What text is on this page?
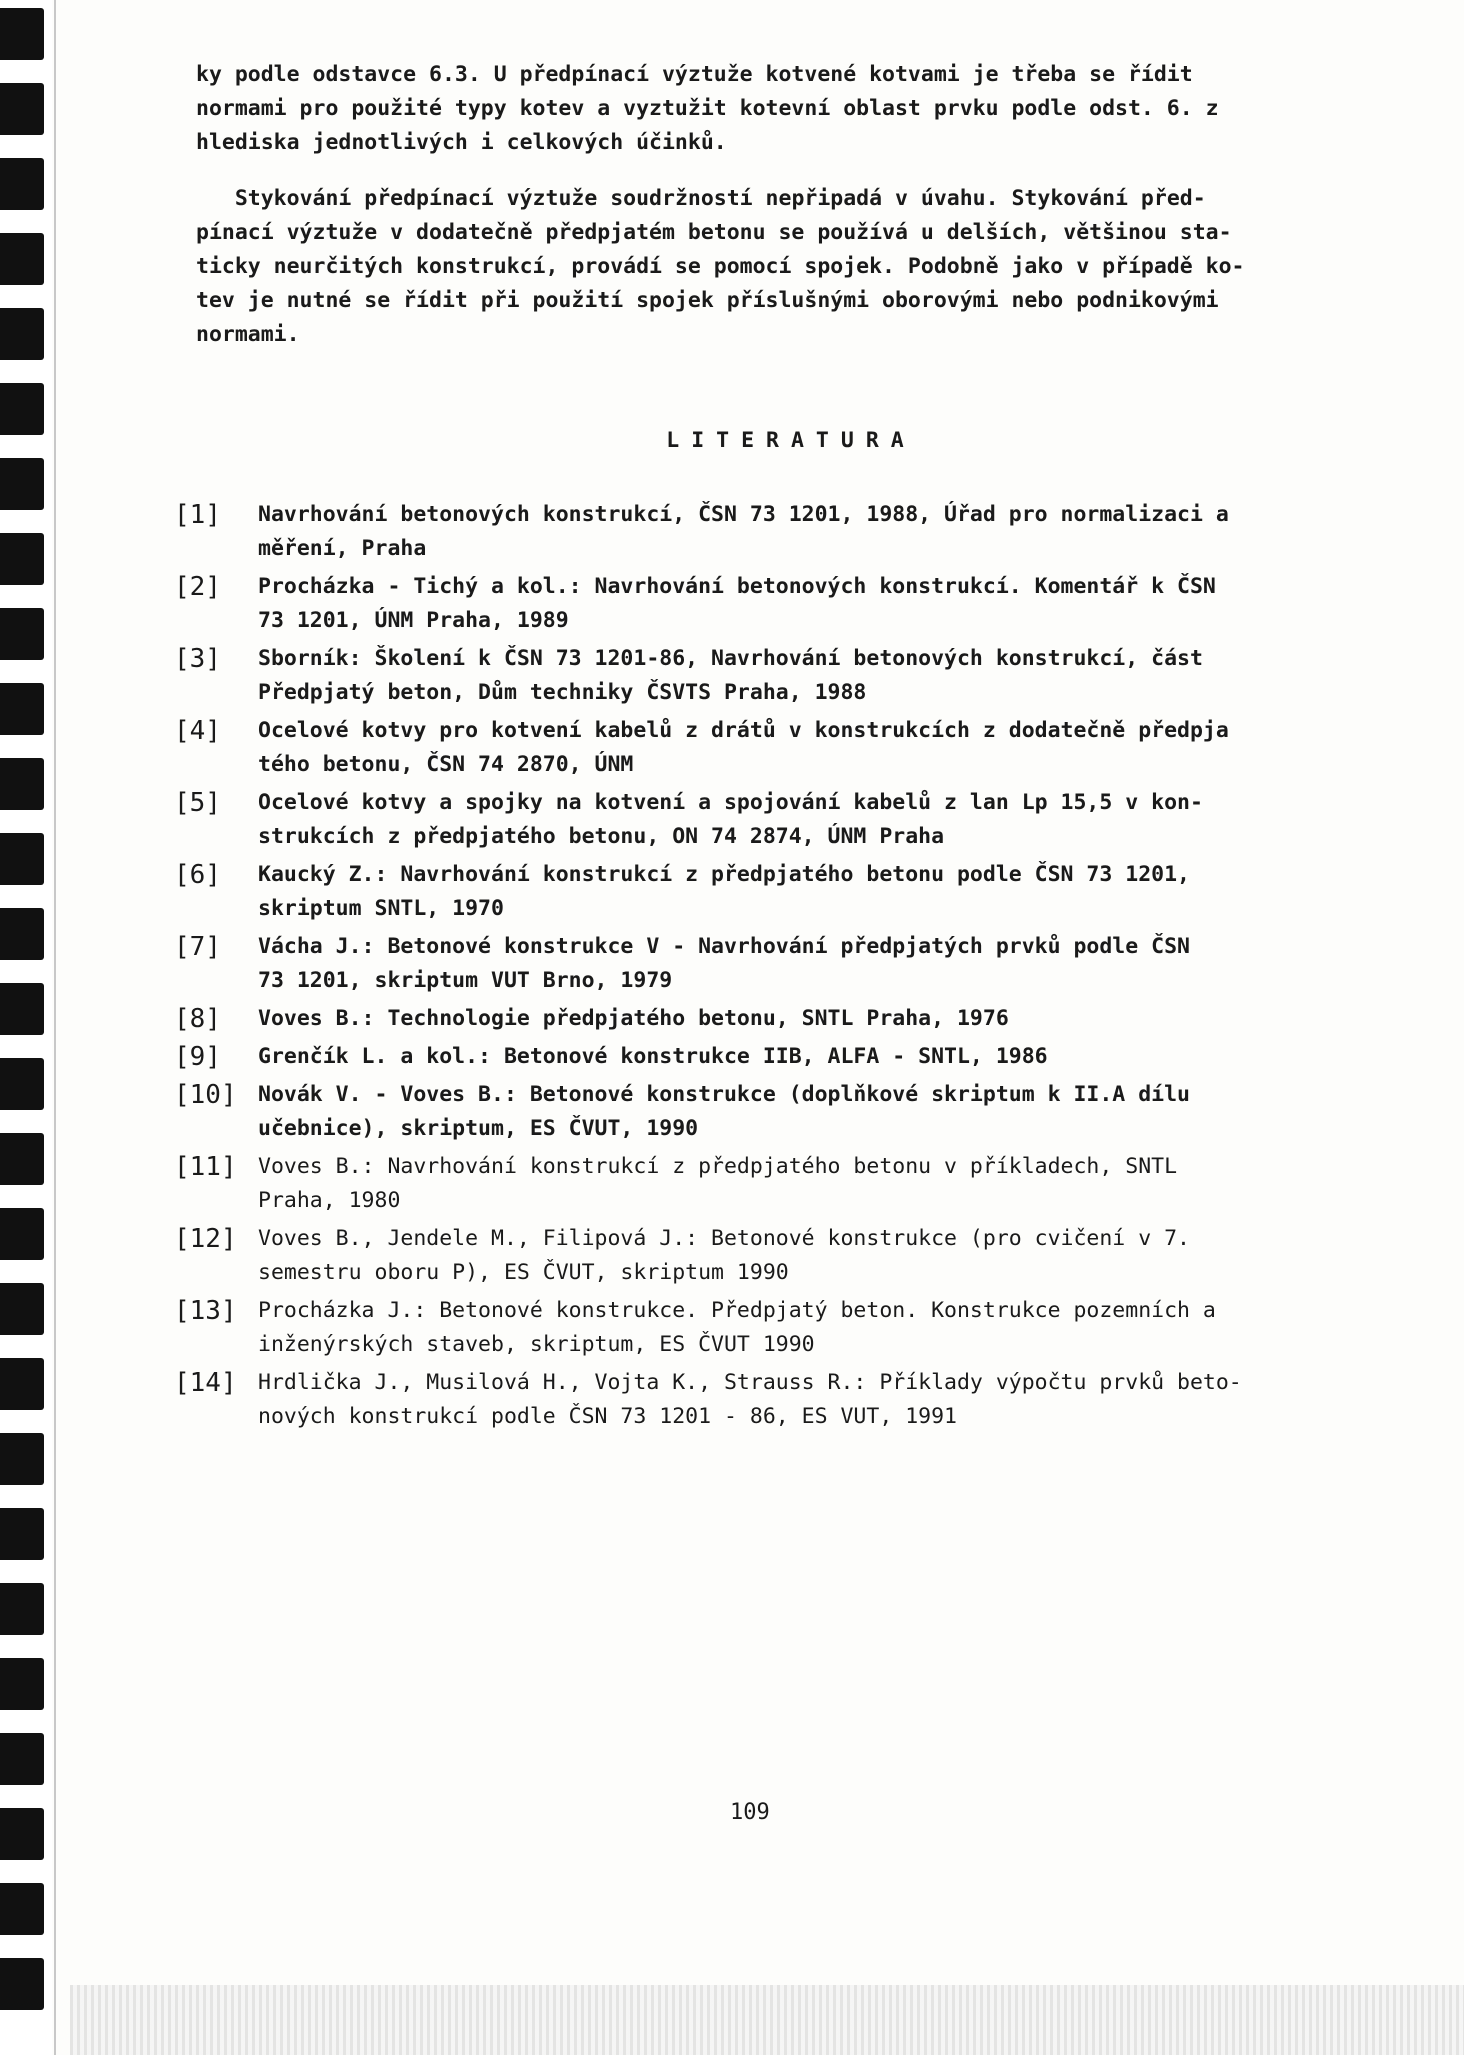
ky podle odstavce 6.3. U předpínací výztuže kotvené kotvami je třeba se řídit
normami pro použité typy kotev a vyztužit kotevní oblast prvku podle odst. 6. z
hlediska jednotlivých i celkových účinků.

Stykování předpínací výztuže soudržností nepřipadá v úvahu. Stykování před-
pínací výztuže v dodatečně předpjatém betonu se používá u delších, většinou sta-
ticky neurčitých konstrukcí, provádí se pomocí spojek. Podobně jako v případě ko-
tev je nutné se řídit při použití spojek příslušnými oborovými nebo podnikovými
normami.

LITERATURA
[1]	Navrhování betonových konstrukcí, ČSN 73 1201, 1988, Úřad pro normalizaci a
měření, Praha
[2]	Procházka - Tichý a kol.: Navrhování betonových konstrukcí. Komentář k ČSN
73 1201, ÚNM Praha, 1989
[3]	Sborník: Školení k ČSN 73 1201-86, Navrhování betonových konstrukcí, část
Předpjatý beton, Dům techniky ČSVTS Praha, 1988
[4]	Ocelové kotvy pro kotvení kabelů z drátů v konstrukcích z dodatečně předpja
tého betonu, ČSN 74 2870, ÚNM
[5]	Ocelové kotvy a spojky na kotvení a spojování kabelů z lan Lp 15,5 v kon-
strukcích z předpjatého betonu, ON 74 2874, ÚNM Praha
[6]	Kaucký Z.: Navrhování konstrukcí z předpjatého betonu podle ČSN 73 1201,
skriptum SNTL, 1970
[7]	Vácha J.: Betonové konstrukce V - Navrhování předpjatých prvků podle ČSN
73 1201, skriptum VUT Brno, 1979
[8]	Voves B.: Technologie předpjatého betonu, SNTL Praha, 1976
[9]	Grenčík L. a kol.: Betonové konstrukce IIB, ALFA - SNTL, 1986
[10] Novák V. - Voves B.: Betonové konstrukce (doplňkové skriptum k II.A dílu
učebnice), skriptum, ES ČVUT, 1990
[11] Voves B.: Navrhování konstrukcí z předpjatého betonu v příkladech, SNTL
Praha, 1980
[12] Voves B., Jendele M., Filipová J.: Betonové konstrukce (pro cvičení v 7.
semestru oboru P), ES ČVUT, skriptum 1990
[13] Procházka J.: Betonové konstrukce. Předpjatý beton. Konstrukce pozemních a
inženýrských staveb, skriptum, ES ČVUT 1990
[14] Hrdlička J., Musilová H., Vojta K., Strauss R.: Příklady výpočtu prvků beto-
nových konstrukcí podle ČSN 73 1201 - 86, ES VUT, 1991
109
